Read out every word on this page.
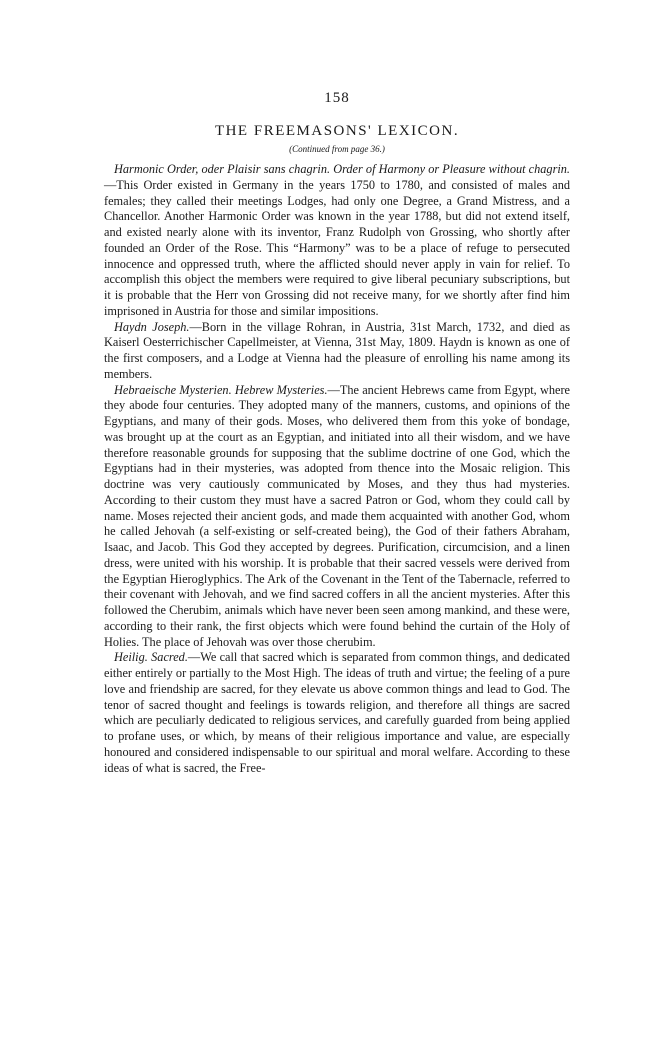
158
THE FREEMASONS' LEXICON.
(Continued from page 36.)

Harmonic Order, oder Plaisir sans chagrin. Order of Harmony or Pleasure without chagrin.—This Order existed in Germany in the years 1750 to 1780, and consisted of males and females; they called their meetings Lodges, had only one Degree, a Grand Mistress, and a Chancellor. Another Harmonic Order was known in the year 1788, but did not extend itself, and existed nearly alone with its inventor, Franz Rudolph von Grossing, who shortly after founded an Order of the Rose. This “Harmony” was to be a place of refuge to persecuted innocence and oppressed truth, where the afflicted should never apply in vain for relief. To accomplish this object the members were required to give liberal pecuniary subscriptions, but it is probable that the Herr von Grossing did not receive many, for we shortly after find him imprisoned in Austria for those and similar impositions.

Haydn Joseph.—Born in the village Rohran, in Austria, 31st March, 1732, and died as Kaiserl Oesterrichischer Capellmeister, at Vienna, 31st May, 1809. Haydn is known as one of the first composers, and a Lodge at Vienna had the pleasure of enrolling his name among its members.

Hebraeische Mysterien. Hebrew Mysteries.—The ancient Hebrews came from Egypt, where they abode four centuries. They adopted many of the manners, customs, and opinions of the Egyptians, and many of their gods. Moses, who delivered them from this yoke of bondage, was brought up at the court as an Egyptian, and initiated into all their wisdom, and we have therefore reasonable grounds for supposing that the sublime doctrine of one God, which the Egyptians had in their mysteries, was adopted from thence into the Mosaic religion. This doctrine was very cautiously communicated by Moses, and they thus had mysteries. According to their custom they must have a sacred Patron or God, whom they could call by name. Moses rejected their ancient gods, and made them acquainted with another God, whom he called Jehovah (a self-existing or self-created being), the God of their fathers Abraham, Isaac, and Jacob. This God they accepted by degrees. Purification, circumcision, and a linen dress, were united with his worship. It is probable that their sacred vessels were derived from the Egyptian Hieroglyphics. The Ark of the Covenant in the Tent of the Tabernacle, referred to their covenant with Jehovah, and we find sacred coffers in all the ancient mysteries. After this followed the Cherubim, animals which have never been seen among mankind, and these were, according to their rank, the first objects which were found behind the curtain of the Holy of Holies. The place of Jehovah was over those cherubim.

Heilig. Sacred.—We call that sacred which is separated from common things, and dedicated either entirely or partially to the Most High. The ideas of truth and virtue; the feeling of a pure love and friendship are sacred, for they elevate us above common things and lead to God. The tenor of sacred thought and feelings is towards religion, and therefore all things are sacred which are peculiarly dedicated to religious services, and carefully guarded from being applied to profane uses, or which, by means of their religious importance and value, are especially honoured and considered indispensable to our spiritual and moral welfare. According to these ideas of what is sacred, the Free-
